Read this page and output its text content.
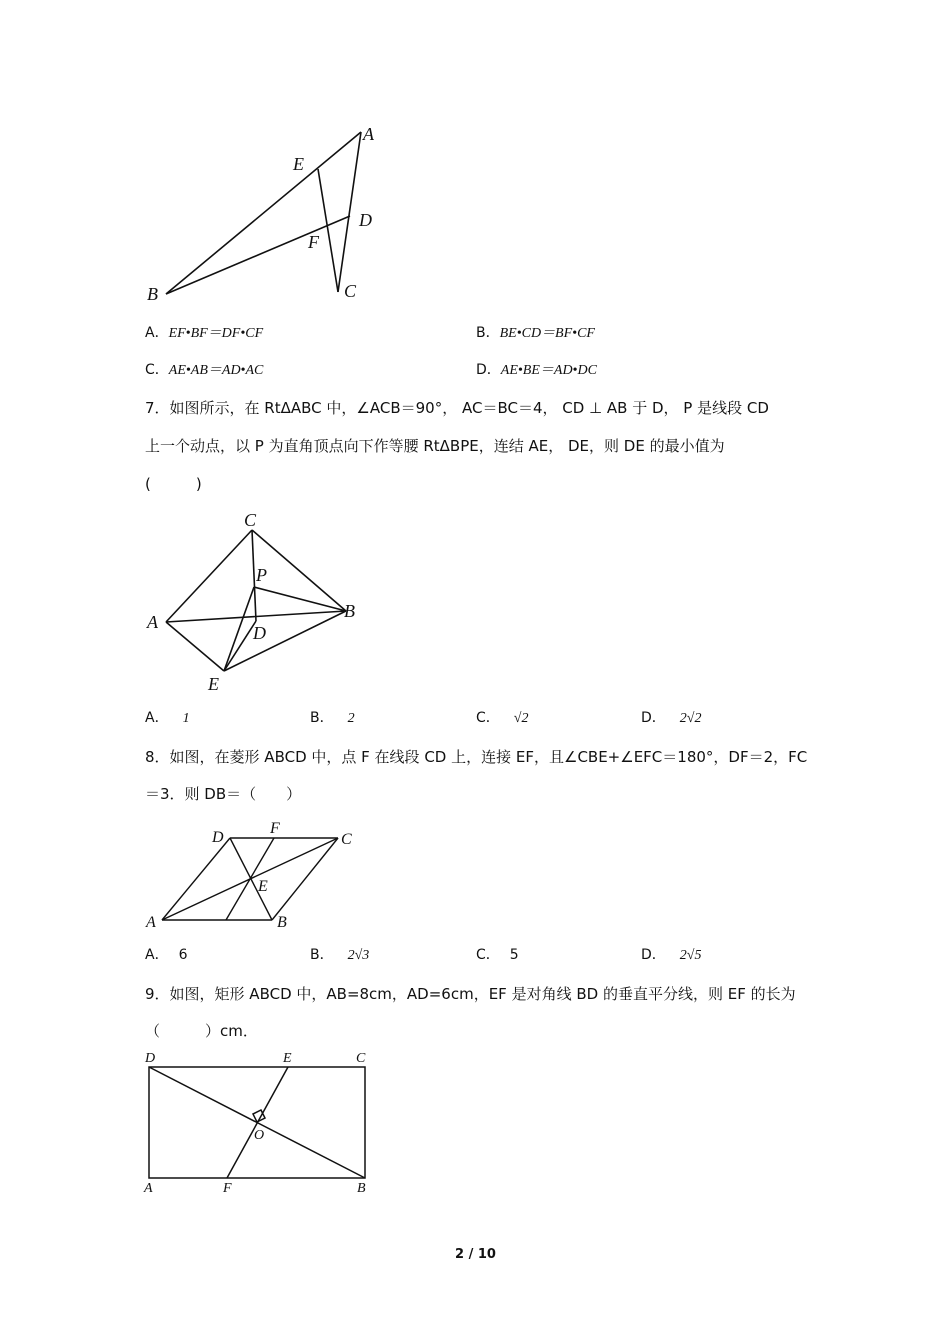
A
E
D
F
B	C
A．EF•BF＝DF•CF	B．BE•CD＝BF•CF
C．AE•AB＝AD•AC	D．AE•BE＝AD•DC
7．如图所示，在 RtΔABC 中，∠ACB＝90°， AC＝BC＝4， CD ⊥ AB 于 D， P 是线段 CD
上一个动点，以 P 为直角顶点向下作等腰 RtΔBPE，连结 AE， DE，则 DE 的最小值为
(　　　)
C
P
A
B
D
E
A． 1	B． 2	C． √2	D． 2√2
8．如图，在菱形 ABCD 中，点 F 在线段 CD 上，连接 EF，且∠CBE+∠EFC＝180°，DF＝2，FC
＝3．则 DB＝（　　）
D
F
C
E
A	B
A． 6	B． 2√3	C． 5	D． 2√5
9．如图，矩形 ABCD 中，AB=8cm，AD=6cm，EF 是对角线 BD 的垂直平分线，则 EF 的长为
（　　　）cm．
D	E	C
O
A	F	B
2 / 10
